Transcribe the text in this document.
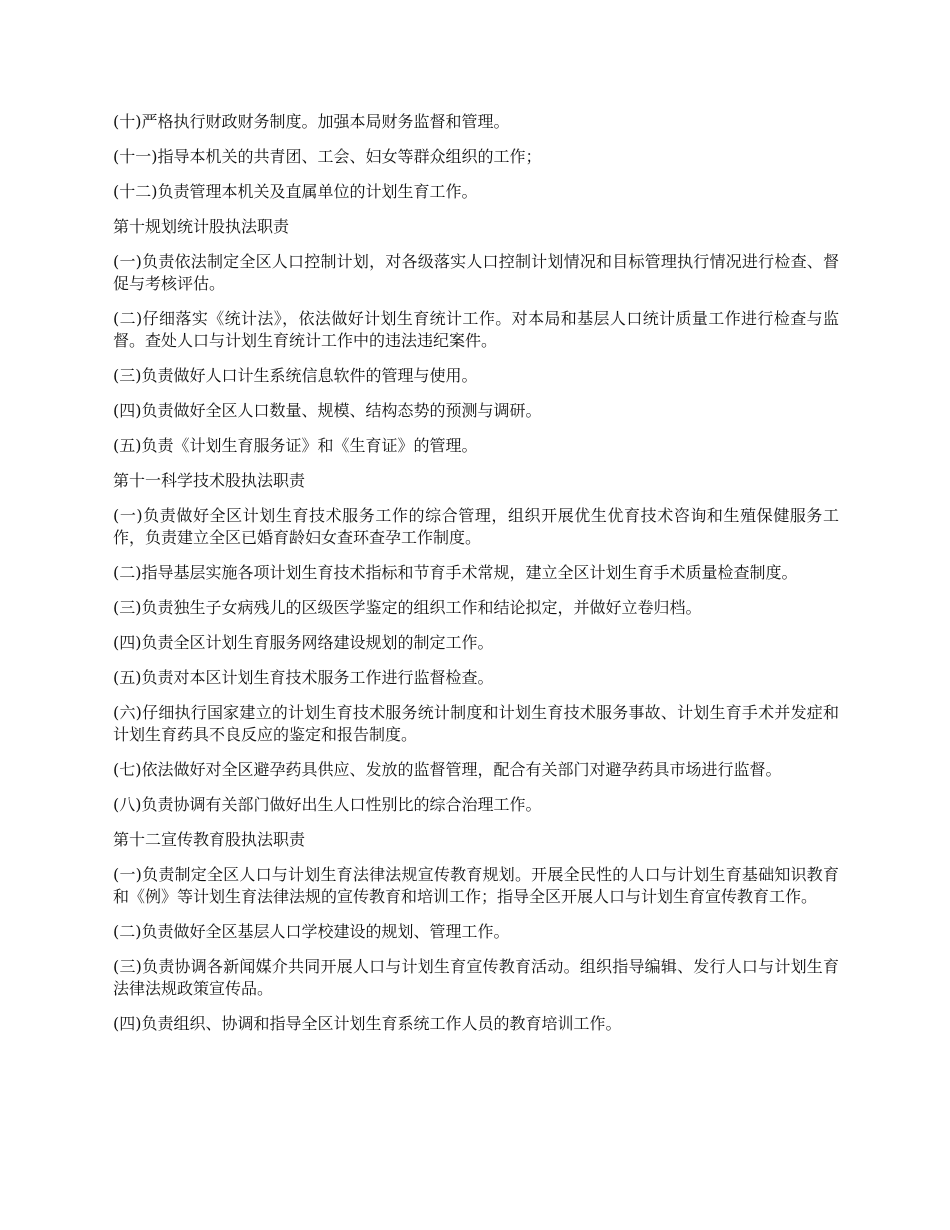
(十)严格执行财政财务制度。加强本局财务监督和管理。

(十一)指导本机关的共青团、工会、妇女等群众组织的工作；

(十二)负责管理本机关及直属单位的计划生育工作。

第十规划统计股执法职责

(一)负责依法制定全区人口控制计划，对各级落实人口控制计划情况和目标管理执行情况进行检查、督促与考核评估。

(二)仔细落实《统计法》，依法做好计划生育统计工作。对本局和基层人口统计质量工作进行检查与监督。查处人口与计划生育统计工作中的违法违纪案件。

(三)负责做好人口计生系统信息软件的管理与使用。

(四)负责做好全区人口数量、规模、结构态势的预测与调研。

(五)负责《计划生育服务证》和《生育证》的管理。

第十一科学技术股执法职责

(一)负责做好全区计划生育技术服务工作的综合管理，组织开展优生优育技术咨询和生殖保健服务工作，负责建立全区已婚育龄妇女查环查孕工作制度。

(二)指导基层实施各项计划生育技术指标和节育手术常规，建立全区计划生育手术质量检查制度。

(三)负责独生子女病残儿的区级医学鉴定的组织工作和结论拟定，并做好立卷归档。

(四)负责全区计划生育服务网络建设规划的制定工作。

(五)负责对本区计划生育技术服务工作进行监督检查。

(六)仔细执行国家建立的计划生育技术服务统计制度和计划生育技术服务事故、计划生育手术并发症和计划生育药具不良反应的鉴定和报告制度。

(七)依法做好对全区避孕药具供应、发放的监督管理，配合有关部门对避孕药具市场进行监督。

(八)负责协调有关部门做好出生人口性别比的综合治理工作。

第十二宣传教育股执法职责

(一)负责制定全区人口与计划生育法律法规宣传教育规划。开展全民性的人口与计划生育基础知识教育和《例》等计划生育法律法规的宣传教育和培训工作；指导全区开展人口与计划生育宣传教育工作。

(二)负责做好全区基层人口学校建设的规划、管理工作。

(三)负责协调各新闻媒介共同开展人口与计划生育宣传教育活动。组织指导编辑、发行人口与计划生育法律法规政策宣传品。

(四)负责组织、协调和指导全区计划生育系统工作人员的教育培训工作。
